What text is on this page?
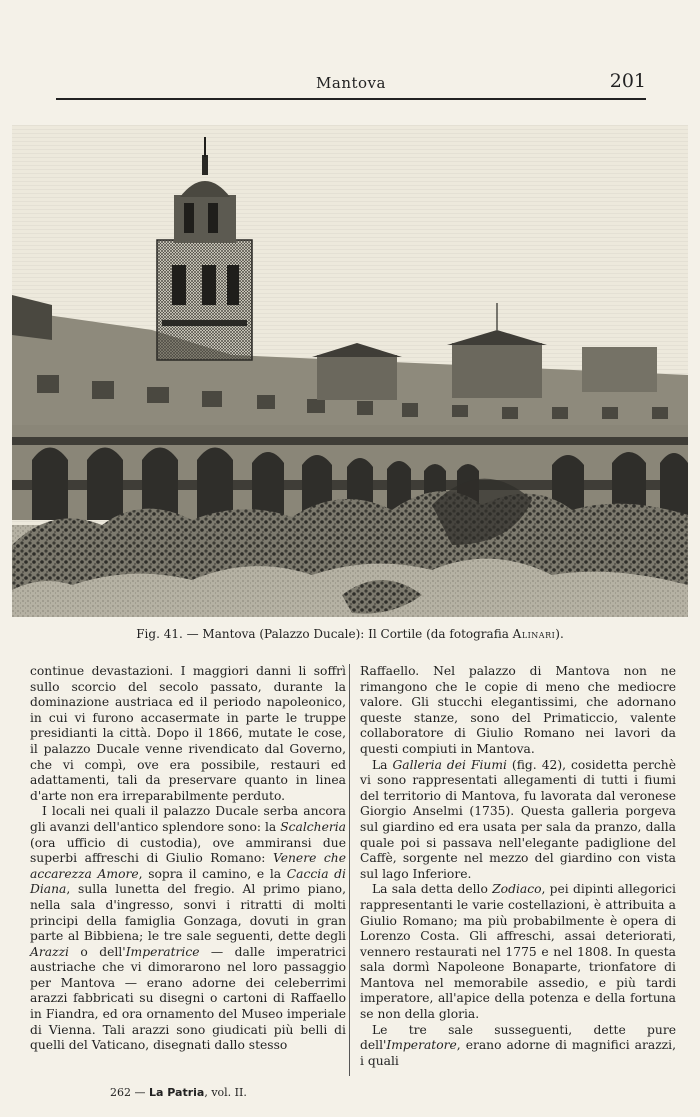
Mantova	201
Fig. 41. — Mantova (Palazzo Ducale): Il Cortile (da fotografia Alinari).

continue devastazioni. I maggiori danni li soffrì sullo scorcio del secolo passato, durante la dominazione austriaca ed il periodo napoleonico, in cui vi furono accasermate in parte le truppe presidianti la città. Dopo il 1866, mutate le cose, il palazzo Ducale venne rivendicato dal Governo, che vi compì, ove era possibile, restauri ed adattamenti, tali da preservare quanto in linea d'arte non era irreparabilmente perduto.

I locali nei quali il palazzo Ducale serba ancora gli avanzi dell'antico splendore sono: la Scalcheria (ora ufficio di custodia), ove ammiransi due superbi affreschi di Giulio Romano: Venere che accarezza Amore, sopra il camino, e la Caccia di Diana, sulla lunetta del fregio. Al primo piano, nella sala d'ingresso, sonvi i ritratti di molti principi della famiglia Gonzaga, dovuti in gran parte al Bibbiena; le tre sale seguenti, dette degli Arazzi o dell'Imperatrice — dalle imperatrici austriache che vi dimorarono nel loro passaggio per Mantova — erano adorne dei celeberrimi arazzi fabbricati su disegni o cartoni di Raffaello in Fiandra, ed ora ornamento del Museo imperiale di Vienna. Tali arazzi sono giudicati più belli di quelli del Vaticano, disegnati dallo stesso

Raffaello. Nel palazzo di Mantova non ne rimangono che le copie di meno che mediocre valore. Gli stucchi elegantissimi, che adornano queste stanze, sono del Primaticcio, valente collaboratore di Giulio Romano nei lavori da questi compiuti in Mantova.

La Galleria dei Fiumi (fig. 42), cosidetta perchè vi sono rappresentati allegamenti di tutti i fiumi del territorio di Mantova, fu lavorata dal veronese Giorgio Anselmi (1735). Questa galleria porgeva sul giardino ed era usata per sala da pranzo, dalla quale poi si passava nell'elegante padiglione del Caffè, sorgente nel mezzo del giardino con vista sul lago Inferiore.

La sala detta dello Zodiaco, pei dipinti allegorici rappresentanti le varie costellazioni, è attribuita a Giulio Romano; ma più probabilmente è opera di Lorenzo Costa. Gli affreschi, assai deteriorati, vennero restaurati nel 1775 e nel 1808. In questa sala dormì Napoleone Bonaparte, trionfatore di Mantova nel memorabile assedio, e più tardi imperatore, all'apice della potenza e della fortuna se non della gloria.

Le tre sale susseguenti, dette pure dell'Imperatore, erano adorne di magnifici arazzi, i quali

262 — La Patria, vol. II.
